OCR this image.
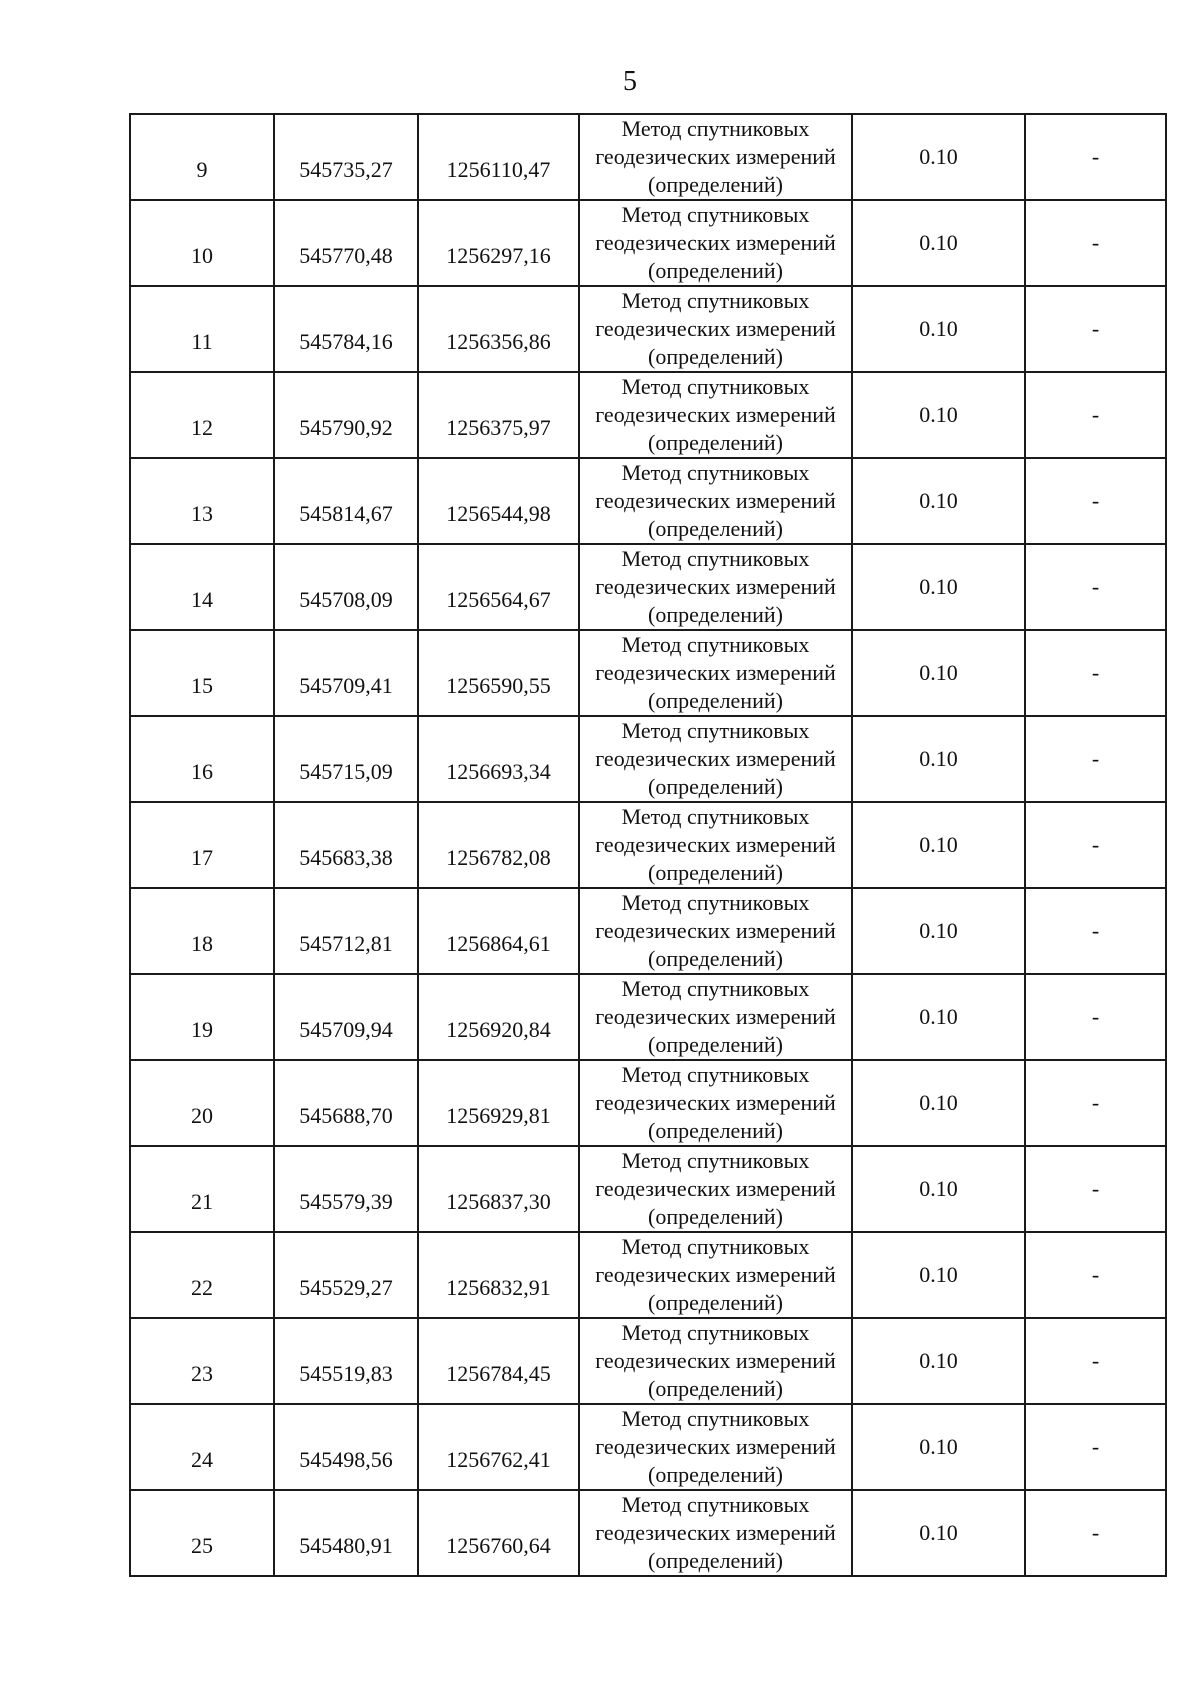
5
9	545735,27	1256110,47	Метод спутниковых геодезических измерений (определений)	0.10	-

10	545770,48	1256297,16	Метод спутниковых геодезических измерений (определений)	0.10	-

11	545784,16	1256356,86	Метод спутниковых геодезических измерений (определений)	0.10	-

12	545790,92	1256375,97	Метод спутниковых геодезических измерений (определений)	0.10	-

13	545814,67	1256544,98	Метод спутниковых геодезических измерений (определений)	0.10	-

14	545708,09	1256564,67	Метод спутниковых геодезических измерений (определений)	0.10	-

15	545709,41	1256590,55	Метод спутниковых геодезических измерений (определений)	0.10	-

16	545715,09	1256693,34	Метод спутниковых геодезических измерений (определений)	0.10	-

17	545683,38	1256782,08	Метод спутниковых геодезических измерений (определений)	0.10	-

18	545712,81	1256864,61	Метод спутниковых геодезических измерений (определений)	0.10	-

19	545709,94	1256920,84	Метод спутниковых геодезических измерений (определений)	0.10	-

20	545688,70	1256929,81	Метод спутниковых геодезических измерений (определений)	0.10	-

21	545579,39	1256837,30	Метод спутниковых геодезических измерений (определений)	0.10	-

22	545529,27	1256832,91	Метод спутниковых геодезических измерений (определений)	0.10	-

23	545519,83	1256784,45	Метод спутниковых геодезических измерений (определений)	0.10	-

24	545498,56	1256762,41	Метод спутниковых геодезических измерений (определений)	0.10	-

25	545480,91	1256760,64	Метод спутниковых геодезических измерений (определений)	0.10	-
